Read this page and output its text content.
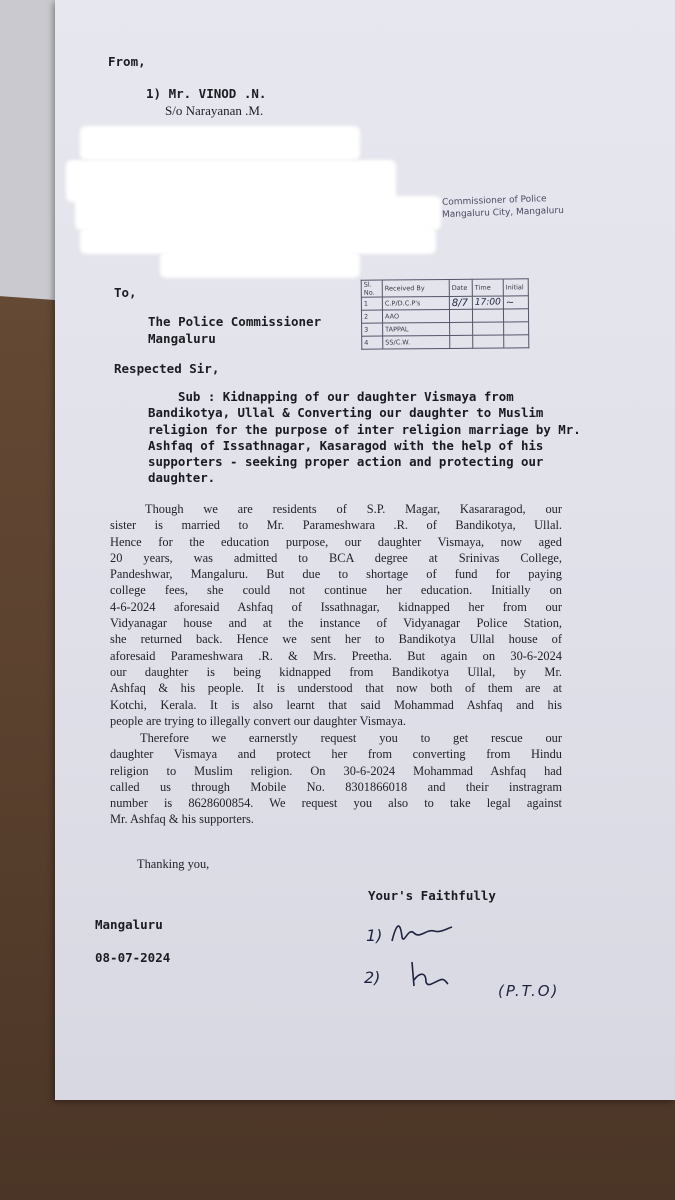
From,
1) Mr. VINOD .N.
S/o Narayanan .M.
Commissioner of Police
Mangaluru City, Mangaluru
To,
The Police Commissioner
Mangaluru
Sl. No.	Received By	Date	Time	Initial
1	C.P/D.C.P's	8/7	17:00	~
2	AAO			
3	TAPPAL			
4	SS/C.W.			
Respected Sir,
Sub : Kidnapping of our daughter Vismaya from
Bandikotya, Ullal & Converting our daughter to Muslim
religion for the purpose of inter religion marriage by Mr.
Ashfaq of Issathnagar, Kasaragod with the help of his
supporters - seeking proper action and protecting our
daughter.
Though we are residents of S.P. Magar, Kasararagod, our
sister is married to Mr. Parameshwara .R. of Bandikotya, Ullal.
Hence for the education purpose, our daughter Vismaya, now aged
20 years, was admitted to BCA degree at Srinivas College,
Pandeshwar, Mangaluru. But due to shortage of fund for paying
college fees, she could not continue her education. Initially on
4-6-2024 aforesaid Ashfaq of Issathnagar, kidnapped her from our
Vidyanagar house and at the instance of Vidyanagar Police Station,
she returned back. Hence we sent her to Bandikotya Ullal house of
aforesaid Parameshwara .R. & Mrs. Preetha. But again on 30-6-2024
our daughter is being kidnapped from Bandikotya Ullal, by Mr.
Ashfaq & his people. It is understood that now both of them are at
Kotchi, Kerala. It is also learnt that said Mohammad Ashfaq and his
people are trying to illegally convert our daughter Vismaya.
Therefore we earnerstly request you to get rescue our
daughter Vismaya and protect her from converting from Hindu
religion to Muslim religion. On 30-6-2024 Mohammad Ashfaq had
called us through Mobile No. 8301866018 and their instragram
number is 8628600854. We request you also to take legal against
Mr. Ashfaq & his supporters.
Thanking you,
Your's Faithfully
Mangaluru
08-07-2024
1)
2)
(P.T.O)
